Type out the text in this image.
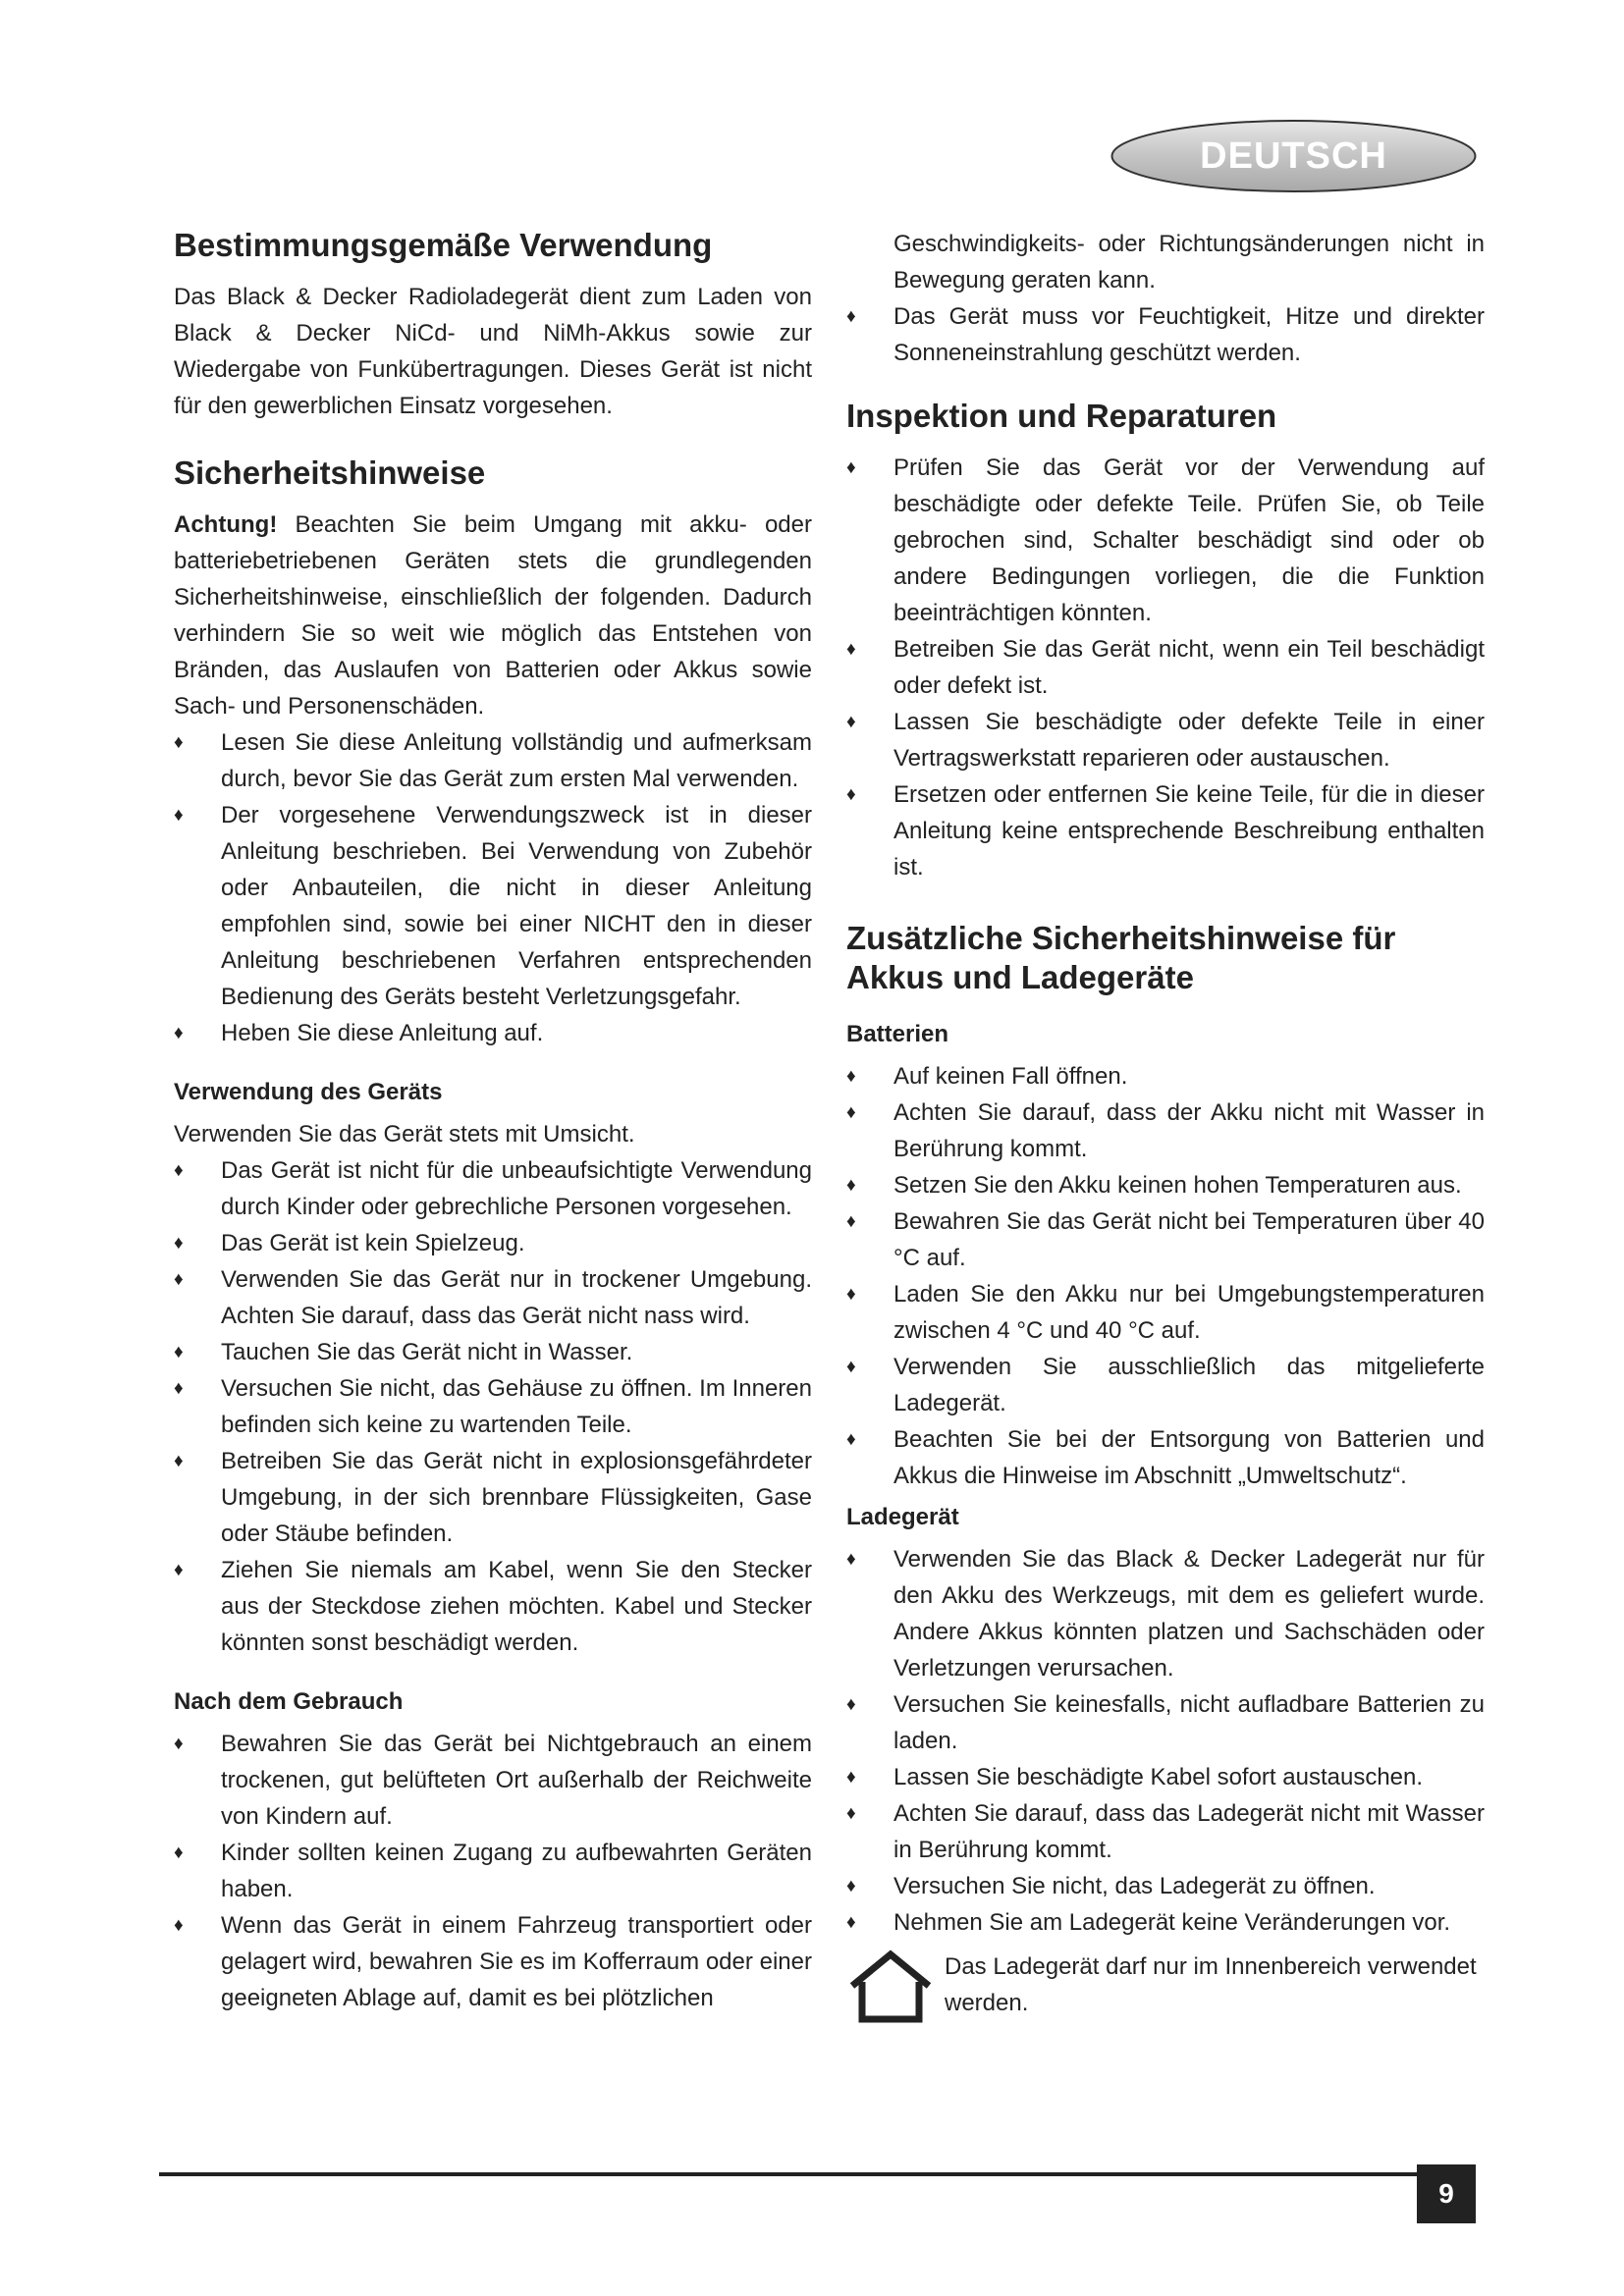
DEUTSCH
Bestimmungsgemäße Verwendung

Das Black & Decker Radioladegerät dient zum Laden von Black & Decker NiCd- und NiMh-Akkus sowie zur Wiedergabe von Funkübertragungen. Dieses Gerät ist nicht für den gewerblichen Einsatz vorgesehen.

Sicherheitshinweise

Achtung! Beachten Sie beim Umgang mit akku- oder batteriebetriebenen Geräten stets die grundlegenden Sicherheitshinweise, einschließlich der folgenden. Dadurch verhindern Sie so weit wie möglich das Entstehen von Bränden, das Auslaufen von Batterien oder Akkus sowie Sach- und Personenschäden.

♦ Lesen Sie diese Anleitung vollständig und aufmerksam durch, bevor Sie das Gerät zum ersten Mal verwenden.
♦ Der vorgesehene Verwendungszweck ist in dieser Anleitung beschrieben. Bei Verwendung von Zubehör oder Anbauteilen, die nicht in dieser Anleitung empfohlen sind, sowie bei einer NICHT den in dieser Anleitung beschriebenen Verfahren entsprechenden Bedienung des Geräts besteht Verletzungsgefahr.
♦ Heben Sie diese Anleitung auf.
Verwendung des Geräts

Verwenden Sie das Gerät stets mit Umsicht.

♦ Das Gerät ist nicht für die unbeaufsichtigte Verwendung durch Kinder oder gebrechliche Personen vorgesehen.
♦ Das Gerät ist kein Spielzeug.
♦ Verwenden Sie das Gerät nur in trockener Umgebung. Achten Sie darauf, dass das Gerät nicht nass wird.
♦ Tauchen Sie das Gerät nicht in Wasser.
♦ Versuchen Sie nicht, das Gehäuse zu öffnen. Im Inneren befinden sich keine zu wartenden Teile.
♦ Betreiben Sie das Gerät nicht in explosionsgefährdeter Umgebung, in der sich brennbare Flüssigkeiten, Gase oder Stäube befinden.
♦ Ziehen Sie niemals am Kabel, wenn Sie den Stecker aus der Steckdose ziehen möchten. Kabel und Stecker könnten sonst beschädigt werden.
Nach dem Gebrauch
♦ Bewahren Sie das Gerät bei Nichtgebrauch an einem trockenen, gut belüfteten Ort außerhalb der Reichweite von Kindern auf.
♦ Kinder sollten keinen Zugang zu aufbewahrten Geräten haben.
♦ Wenn das Gerät in einem Fahrzeug transportiert oder gelagert wird, bewahren Sie es im Kofferraum oder einer geeigneten Ablage auf, damit es bei plötzlichen
Geschwindigkeits- oder Richtungsänderungen nicht in Bewegung geraten kann.
♦ Das Gerät muss vor Feuchtigkeit, Hitze und direkter Sonneneinstrahlung geschützt werden.
Inspektion und Reparaturen
♦ Prüfen Sie das Gerät vor der Verwendung auf beschädigte oder defekte Teile. Prüfen Sie, ob Teile gebrochen sind, Schalter beschädigt sind oder ob andere Bedingungen vorliegen, die die Funktion beeinträchtigen könnten.
♦ Betreiben Sie das Gerät nicht, wenn ein Teil beschädigt oder defekt ist.
♦ Lassen Sie beschädigte oder defekte Teile in einer Vertragswerkstatt reparieren oder austauschen.
♦ Ersetzen oder entfernen Sie keine Teile, für die in dieser Anleitung keine entsprechende Beschreibung enthalten ist.
Zusätzliche Sicherheitshinweise für Akkus und Ladegeräte
Batterien
♦ Auf keinen Fall öffnen.
♦ Achten Sie darauf, dass der Akku nicht mit Wasser in Berührung kommt.
♦ Setzen Sie den Akku keinen hohen Temperaturen aus.
♦ Bewahren Sie das Gerät nicht bei Temperaturen über 40 °C auf.
♦ Laden Sie den Akku nur bei Umgebungstemperaturen zwischen 4 °C und 40 °C auf.
♦ Verwenden Sie ausschließlich das mitgelieferte Ladegerät.
♦ Beachten Sie bei der Entsorgung von Batterien und Akkus die Hinweise im Abschnitt „Umweltschutz“.
Ladegerät
♦ Verwenden Sie das Black & Decker Ladegerät nur für den Akku des Werkzeugs, mit dem es geliefert wurde. Andere Akkus könnten platzen und Sachschäden oder Verletzungen verursachen.
♦ Versuchen Sie keinesfalls, nicht aufladbare Batterien zu laden.
♦ Lassen Sie beschädigte Kabel sofort austauschen.
♦ Achten Sie darauf, dass das Ladegerät nicht mit Wasser in Berührung kommt.
♦ Versuchen Sie nicht, das Ladegerät zu öffnen.
♦ Nehmen Sie am Ladegerät keine Veränderungen vor.

Das Ladegerät darf nur im Innenbereich verwendet werden.

9
